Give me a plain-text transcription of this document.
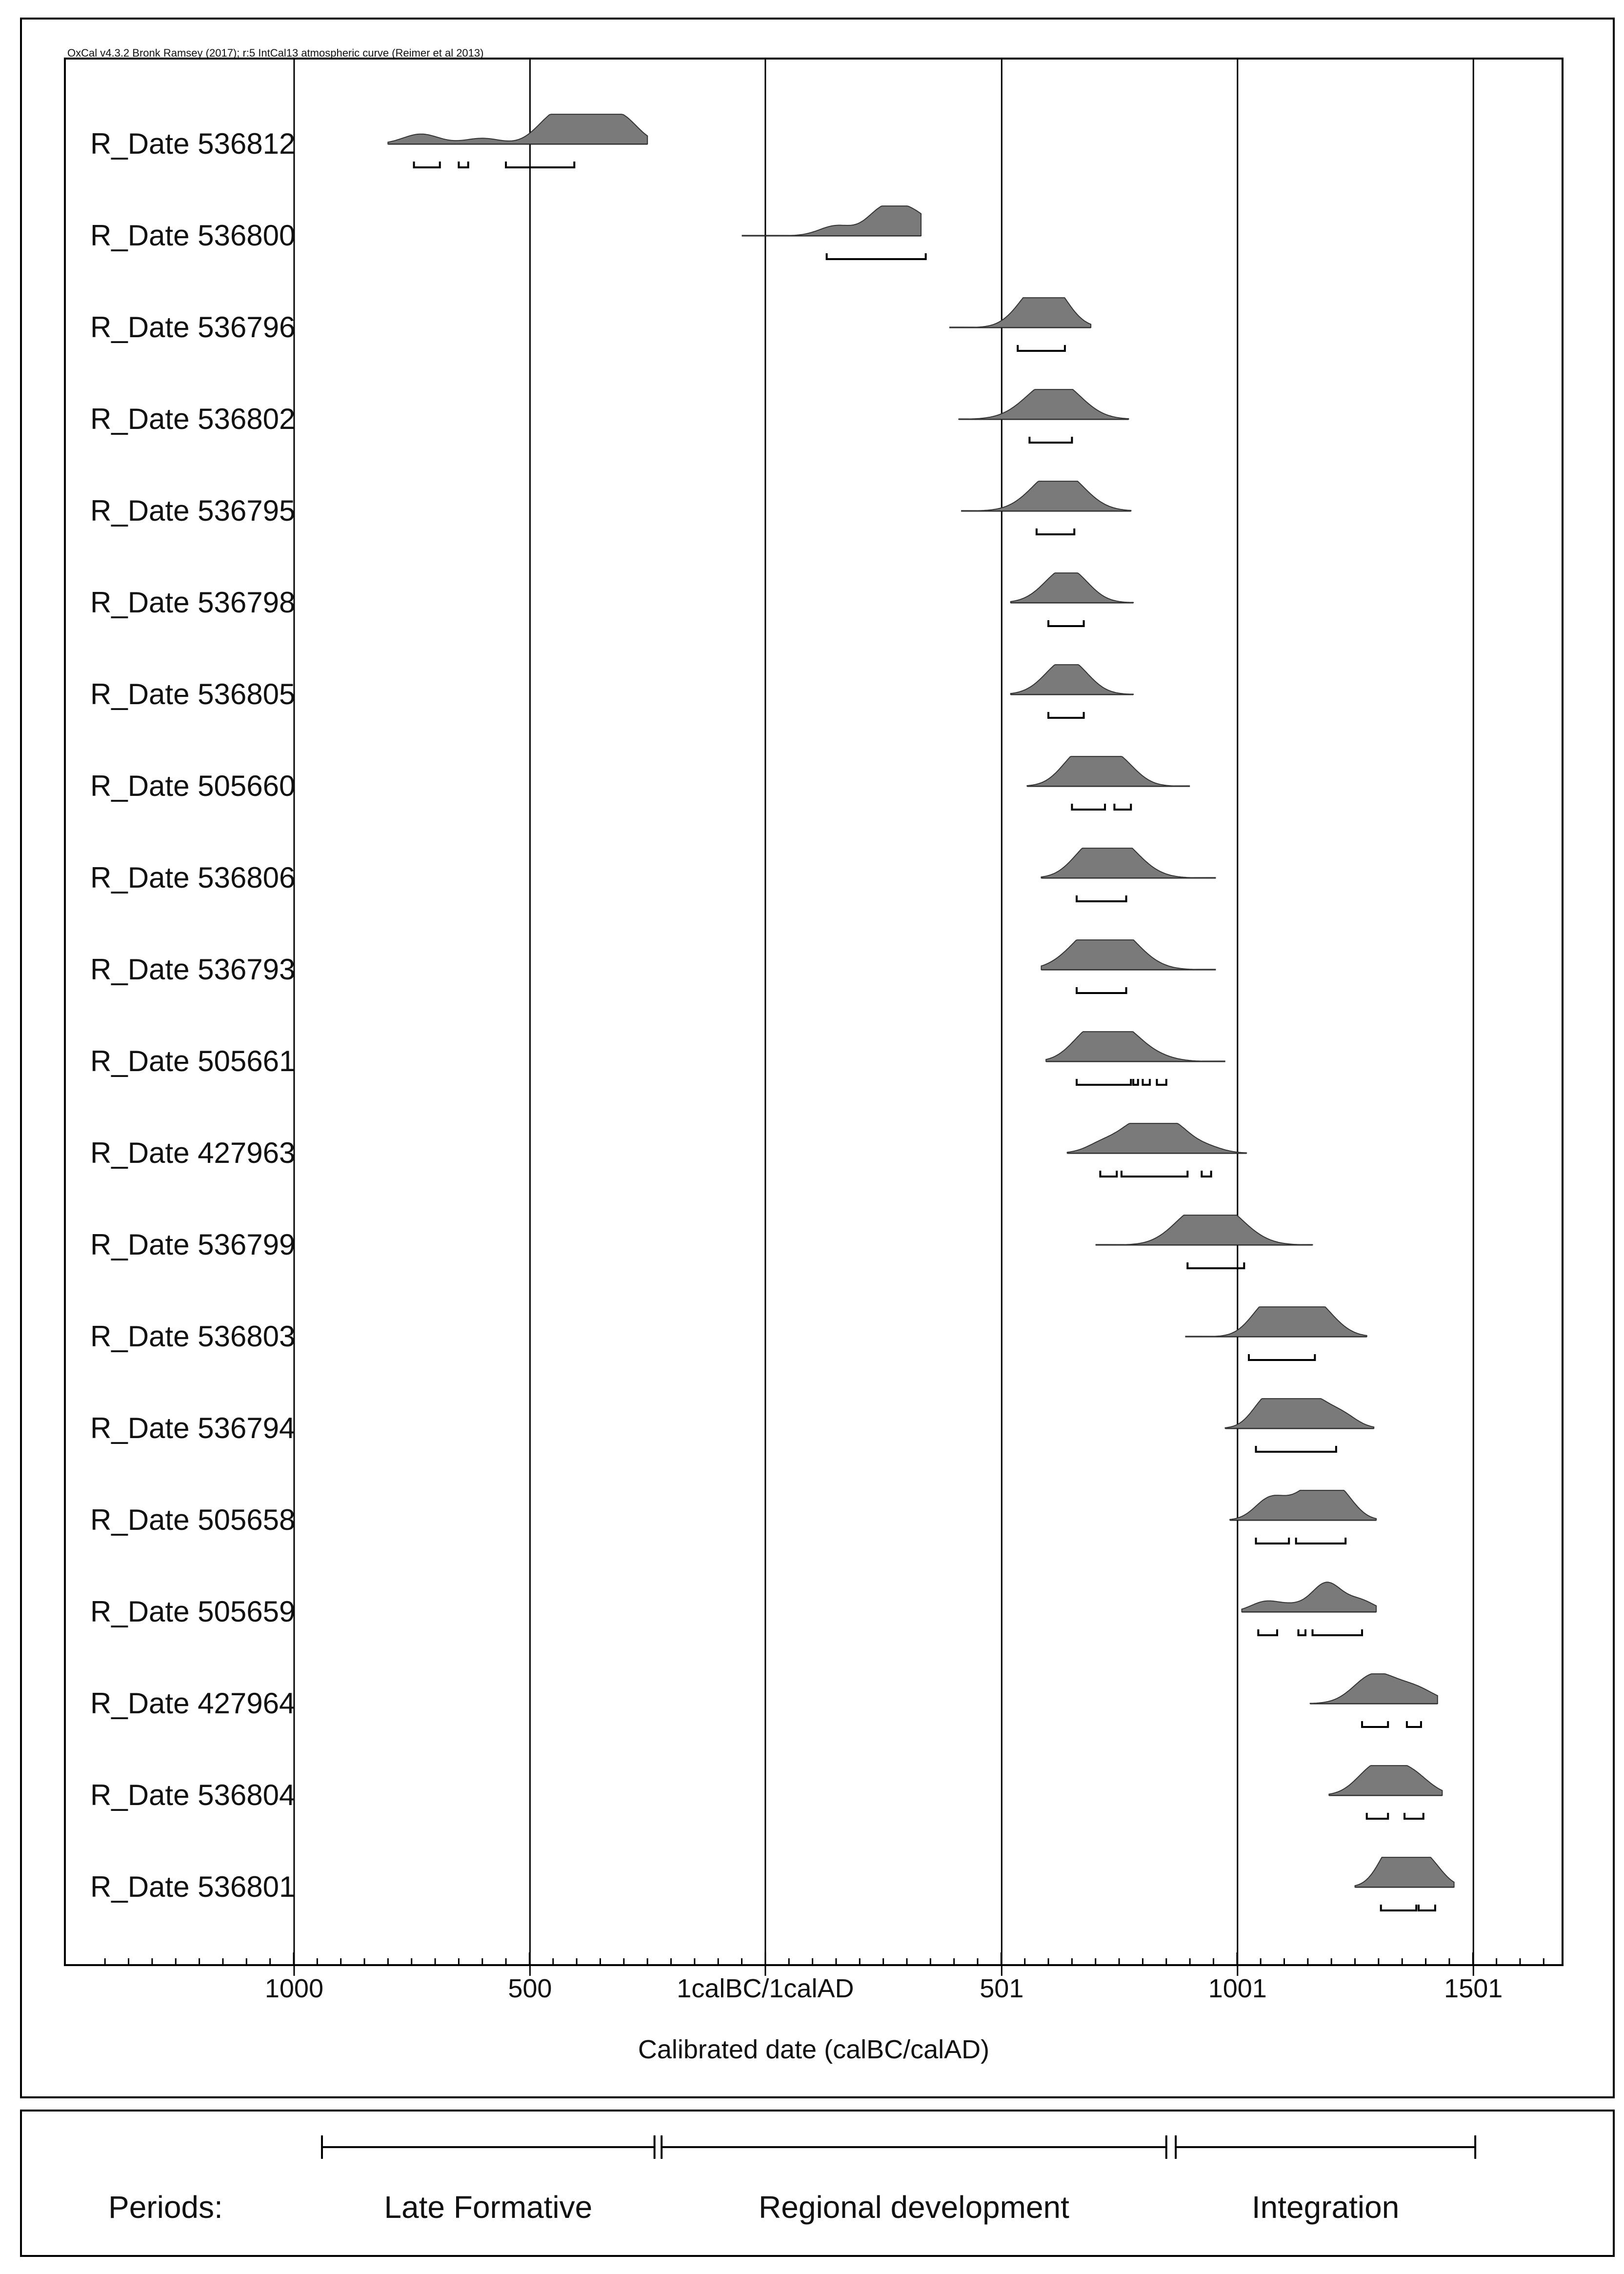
OxCal v4.3.2 Bronk Ramsey (2017); r:5 IntCal13 atmospheric curve (Reimer et al 2013)
R_Date 536812
R_Date 536800
R_Date 536796
R_Date 536802
R_Date 536795
R_Date 536798
R_Date 536805
R_Date 505660
R_Date 536806
R_Date 536793
R_Date 505661
R_Date 427963
R_Date 536799
R_Date 536803
R_Date 536794
R_Date 505658
R_Date 505659
R_Date 427964
R_Date 536804
R_Date 536801
1000	500	1calBC/1calAD	501	1001	1501
Calibrated date (calBC/calAD)
Late Formative	Regional development	Integration
Periods:
